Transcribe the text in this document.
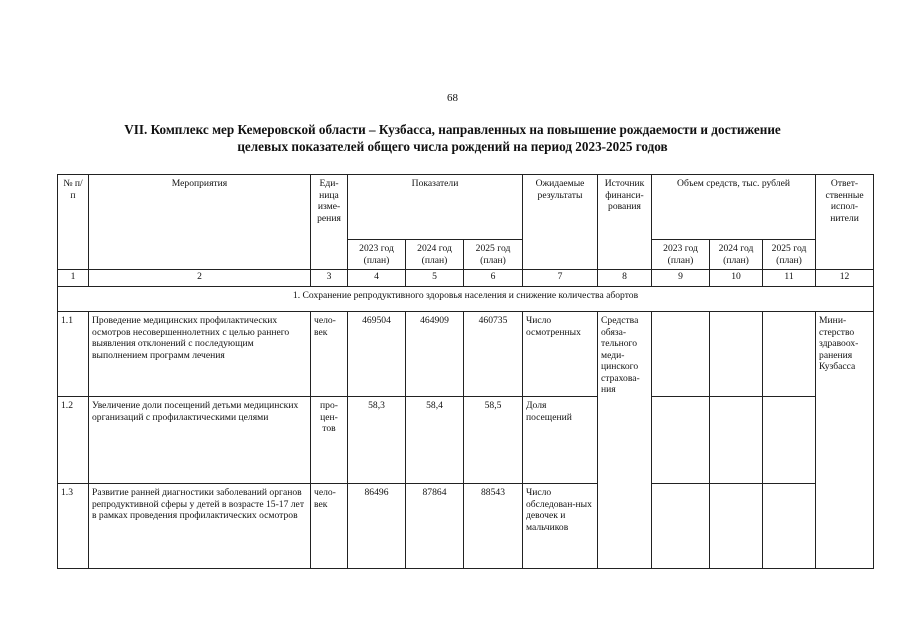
68
VII. Комплекс мер Кемеровской области – Кузбасса, направленных на повышение рождаемости и достижение
целевых показателей общего числа рождений на период 2023-2025 годов
№ п/п	Мероприятия	Еди-ница изме-рения	Показатели			Ожидаемые результаты	Источник финанси-рования	Объем средств, тыс. рублей			Ответ-ственные испол-нители
			2023 год (план)	2024 год (план)	2025 год (план)			2023 год (план)	2024 год (план)	2025 год (план)	
1	2	3	4	5	6	7	8	9	10	11	12
1. Сохранение репродуктивного здоровья населения и снижение количества абортов											
1.1	Проведение медицинских профилактических осмотров несовершеннолетних с целью раннего выявления отклонений с последующим выполнением программ лечения	чело-век	469504	464909	460735	Число осмотренных	Средства обяза-тельного меди-цинского страхова-ния				Мини-стерство здравоох-ранения Кузбасса
1.2	Увеличение доли посещений детьми медицинских организаций с профилактическими целями	про-цен-тов	58,3	58,4	58,5	Доля посещений					
1.3	Развитие ранней диагностики заболеваний органов репродуктивной сферы у детей в возрасте 15-17 лет в рамках проведения профилактических осмотров	чело-век	86496	87864	88543	Число обследован-ных девочек и мальчиков					
